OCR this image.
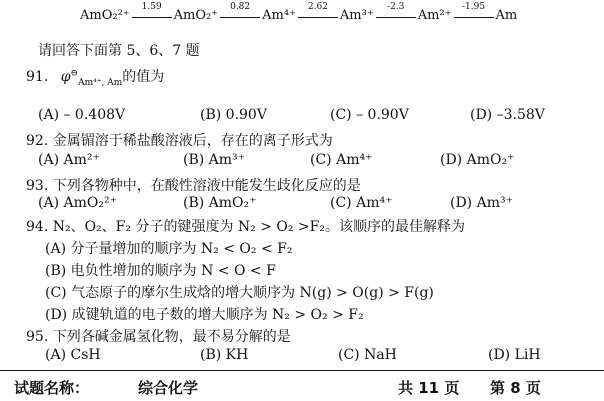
AmO₂²⁺
1.59
AmO₂⁺
0.82
Am⁴⁺
2.62
Am³⁺
-2.3
Am²⁺
-1.95
Am
请回答下面第 5、6、7 题
91. $\varphi^⊖_{Am^{4+}, Am}$的值为
(A) – 0.408V	(B) 0.90V	(C) – 0.90V	(D) –3.58V
92. 金属镅溶于稀盐酸溶液后，存在的离子形式为
(A) Am²⁺	(B) Am³⁺	(C) Am⁴⁺	(D) AmO₂⁺
93. 下列各物种中，在酸性溶液中能发生歧化反应的是
(A) AmO₂²⁺	(B) AmO₂⁺	(C) Am⁴⁺	(D) Am³⁺
94. N₂、O₂、F₂ 分子的键强度为 N₂ > O₂ >F₂。该顺序的最佳解释为
(A) 分子量增加的顺序为 N₂ < O₂ < F₂
(B) 电负性增加的顺序为 N < O < F
(C) 气态原子的摩尔生成焓的增大顺序为 N(g) > O(g) > F(g)
(D) 成键轨道的电子数的增大顺序为 N₂ > O₂ > F₂
95. 下列各碱金属氢化物，最不易分解的是
(A) CsH	(B) KH	(C) NaH	(D) LiH
试题名称：	综合化学	共 11 页 第 8 页
